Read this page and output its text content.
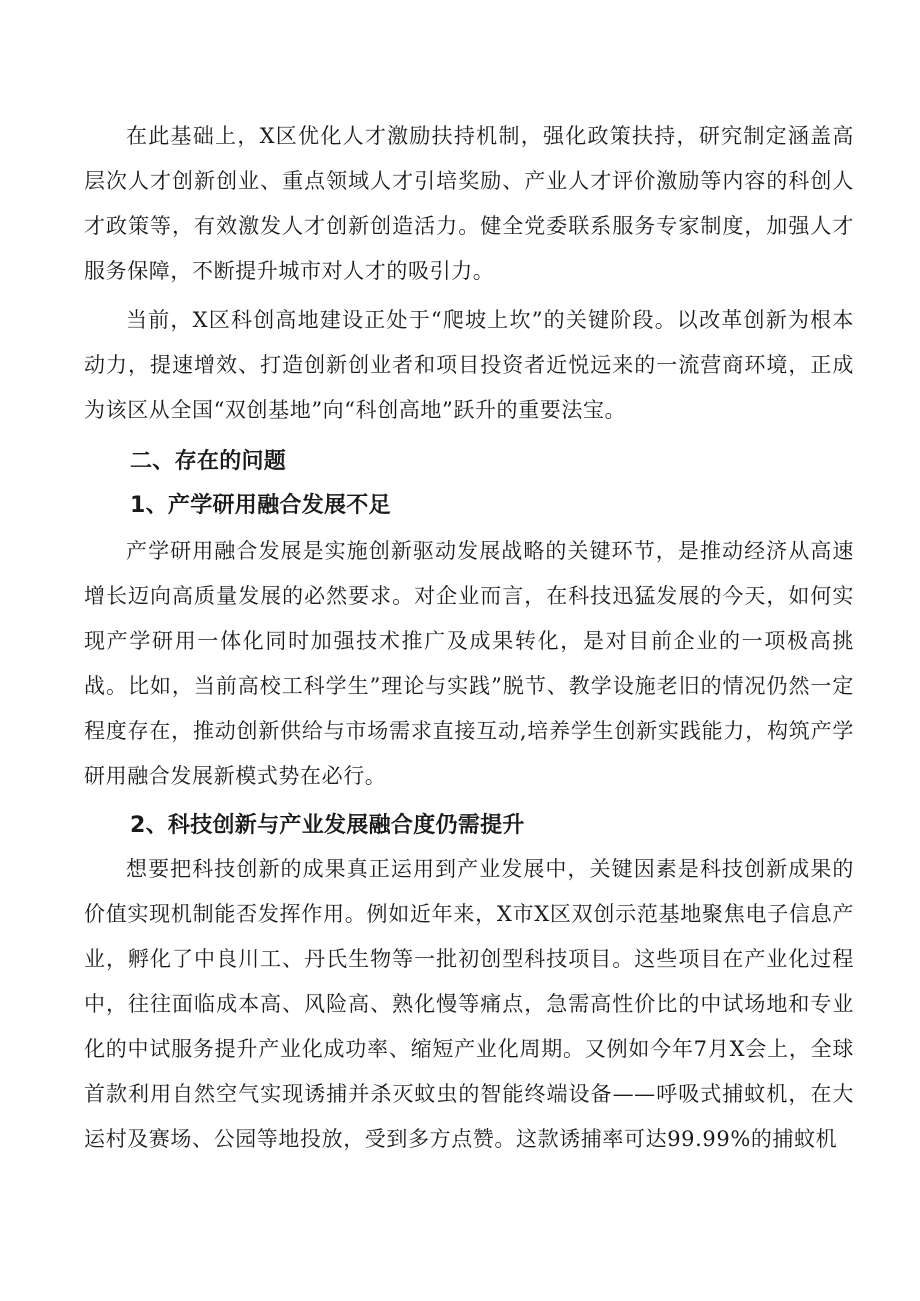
在此基础上，X区优化人才激励扶持机制，强化政策扶持，研究制定涵盖高层次人才创新创业、重点领域人才引培奖励、产业人才评价激励等内容的科创人才政策等，有效激发人才创新创造活力。健全党委联系服务专家制度，加强人才服务保障，不断提升城市对人才的吸引力。

当前，X区科创高地建设正处于“爬坡上坎”的关键阶段。以改革创新为根本动力，提速增效、打造创新创业者和项目投资者近悦远来的一流营商环境，正成为该区从全国“双创基地”向“科创高地”跃升的重要法宝。

二、存在的问题
1、产学研用融合发展不足

产学研用融合发展是实施创新驱动发展战略的关键环节，是推动经济从高速增长迈向高质量发展的必然要求。对企业而言，在科技迅猛发展的今天，如何实现产学研用一体化同时加强技术推广及成果转化，是对目前企业的一项极高挑战。比如，当前高校工科学生”理论与实践”脱节、教学设施老旧的情况仍然一定程度存在，推动创新供给与市场需求直接互动,培养学生创新实践能力，构筑产学研用融合发展新模式势在必行。

2、科技创新与产业发展融合度仍需提升

想要把科技创新的成果真正运用到产业发展中，关键因素是科技创新成果的价值实现机制能否发挥作用。例如近年来，X市X区双创示范基地聚焦电子信息产业，孵化了中良川工、丹氏生物等一批初创型科技项目。这些项目在产业化过程中，往往面临成本高、风险高、熟化慢等痛点，急需高性价比的中试场地和专业化的中试服务提升产业化成功率、缩短产业化周期。又例如今年7月X会上，全球首款利用自然空气实现诱捕并杀灭蚊虫的智能终端设备——呼吸式捕蚊机，在大运村及赛场、公园等地投放，受到多方点赞。这款诱捕率可达99.99%的捕蚊机
